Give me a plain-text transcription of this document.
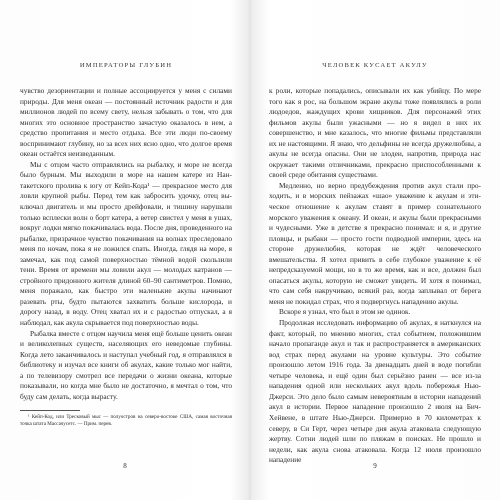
ИМПЕРАТОРЫ ГЛУБИН

чувство дезориентации и полные ассоциируется у меня с силами природы. Для меня океан — постоянный источник радости и для миллионов людей по всему свету, нельзя забывать о том, что для многих это основное пространство зачастую оказалось в нем, а средство пропитания и место отдыха. Все эти люди по-своему воспринимают глубину, но за всех них ясно одно, что долгое время океан остаётся неизведанным.

Мы с отцом часто отправлялись на рыбалку, и море не всегда было бурным. Мы выходили в море на нашем катере из Нантакетского пролива к югу от Кейп-Кода¹ — прекрасное место для ловли крупной рыбы. Перед тем как забросить удочку, отец выключал двигатель и мы просто дрейфовали, и тишину нарушали только всплески волн о борт катера, а ветер свистел у меня в ушах, вокруг лодки мягко покачивалась вода. После дня, проведенного на рыбалке, призрачное чувство покачивания на волнах преследовало меня по ночам, пока я не ложился спать. Иногда, глядя на море, я замечал, как под самой поверхностью тёмной водой скользили тени. Время от времени мы ловили акул — молодых катранов — стройного придонного жителя длиной 60–90 сантиметров. Помню, меня поражало, как быстро эти маленькие акулы начинают разевать рты, будто пытаются захватить больше кислорода, и дорогу назад, в воду. Отец хватал их и с радостью отпускал, а я наблюдал, как акула скрывается под поверхностью воды.

Рыбалка вместе с отцом научила меня ещё больше ценить океан и великолепных существ, населяющих его неведомые глубины. Когда лето заканчивалось и наступал учебный год, я отправлялся в библиотеку и изучал все книги об акулах, какие только мог найти, а по телевизору смотрел все передачи о жизни океана, которые показывали, но когда мне было не достаточно, я мечтал о том, что буду сам делать, когда вырасту.

¹ Кейп-Код, или Тресковый мыс — полуостров на северо-востоке США, самая восточная точка штата Массачусетс. — Прим. перев.
8
ЧЕЛОВЕК КУСАЕТ АКУЛУ

к роли, которые попадались, описывали их как убийцу. По мере того как я рос, на большом экране акулы тоже появлялись в роли людоедов, жаждущих крови хищников. Для персонажей этих фильмов акулы были ужасными — но я видел в них их совершенство, и мне казалось, что многие фильмы представляли их не настоящими. Я знаю, что дельфины не всегда дружелюбны, а акулы не всегда опасны. Они не злодеи, напротив, природа нас окружает такими отличниками, прекрасно приспособленными к своей среде обитания существами.

Медленно, но верно предубеждения против акул стали проходить, и в морских пейзажах «шао» уважение к акулам и этическое отношение к акулам ставят в пример сознательного морского уважения к океану. И океан, и акулы были прекрасными и чудесными. Уже в детстве я прекрасно понимал: и я, и другие пловцы, и рыбаки — просто гости подводной империи, здесь на стороне дружелюбия, которая не ждёт человеческого вмешательства. Я хотел привить в себе глубокое уважение к её непредсказуемой мощи, но в то же время, как и все, должен был опасаться акулы, которую не сможет увидеть. И хотя я понимал, что сам себя накручиваю, всякий раз, когда заплывал от берега меня не покидал страх, что я подвергнусь нападению акулы.

Вскоре я узнал, что был в этом не одинок.

Продолжая исследовать информацию об акулах, я наткнулся на факт, который, по мнению многих, стал событием, положившим начало пропаганде акул и так и распространяется в американских вод страх перед акулами на уровне культуры. Это событие произошло летом 1916 года. За двенадцать дней в воде погибли четыре человека, и ещё один был серьёзно ранен — все из-за нападения одной или нескольких акул вдоль побережья Нью-Джерси. Это дело было самым невероятным в истории нападений акул в истории. Первое нападение произошло 2 июля на Бич-Хейвене, в штате Нью-Джерси. Примерно в 70 километрах к северу, в Си Герт, через четыре дня акула атаковала следующую жертву. Сотни людей шли по пляжам в поисках. Не прошло и недели, как акула снова атаковала. Когда 12 июля произошло нападение

9
